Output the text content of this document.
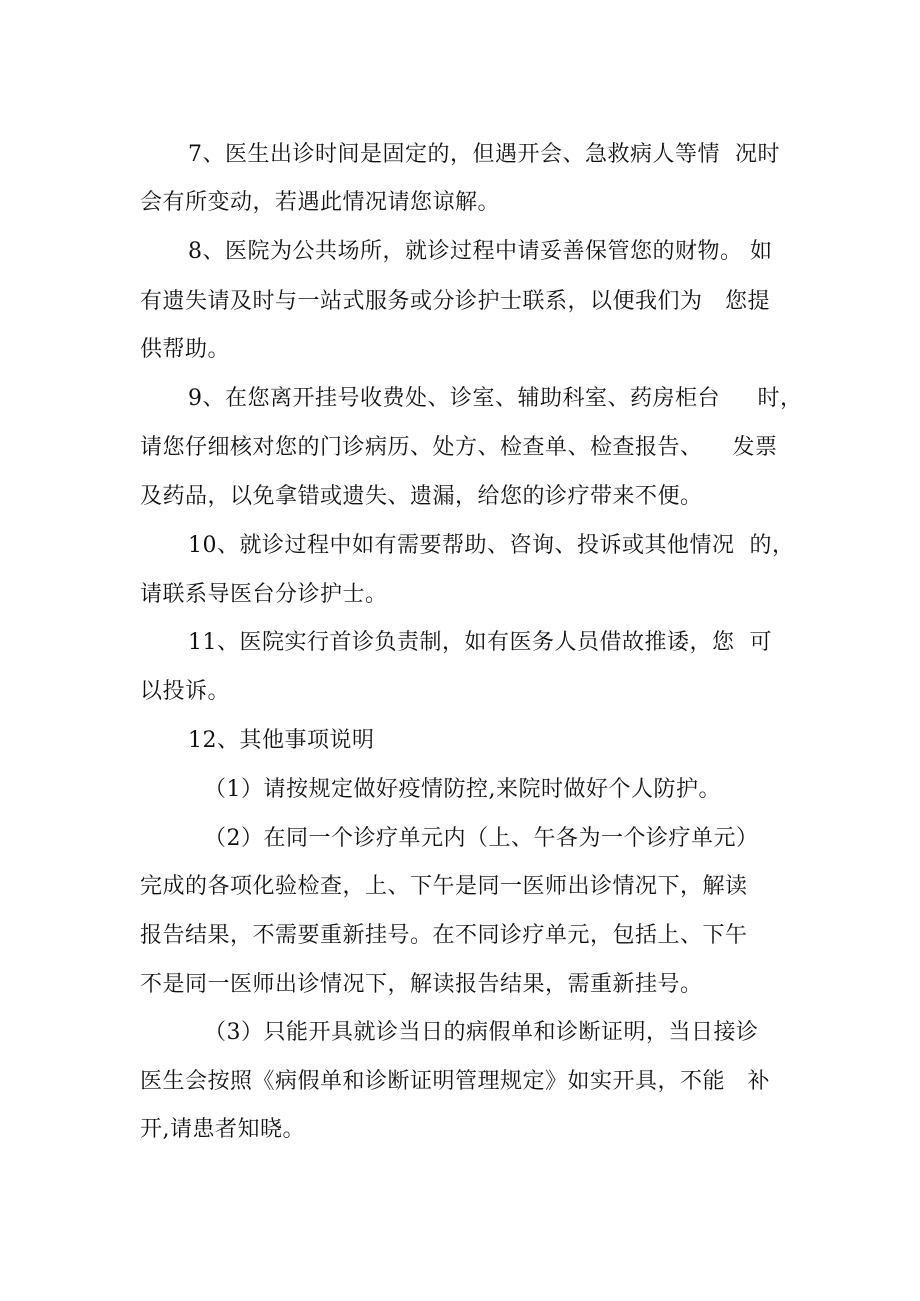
7、医生出诊时间是固定的，但遇开会、急救病人等情  况时
会有所变动，若遇此情况请您谅解。
8、医院为公共场所，就诊过程中请妥善保管您的财物。 如
有遗失请及时与一站式服务或分诊护士联系，以便我们为   您提
供帮助。
9、在您离开挂号收费处、诊室、辅助科室、药房柜台     时，
请您仔细核对您的门诊病历、处方、检查单、检查报告、    发票
及药品，以免拿错或遗失、遗漏，给您的诊疗带来不便。
10、就诊过程中如有需要帮助、咨询、投诉或其他情况  的，
请联系导医台分诊护士。
11、医院实行首诊负责制，如有医务人员借故推诿，您  可
以投诉。
12、其他事项说明
（1）请按规定做好疫情防控,来院时做好个人防护。
（2）在同一个诊疗单元内（上、午各为一个诊疗单元）
完成的各项化验检查，上、下午是同一医师出诊情况下，解读
报告结果，不需要重新挂号。在不同诊疗单元，包括上、下午
不是同一医师出诊情况下，解读报告结果，需重新挂号。
（3）只能开具就诊当日的病假单和诊断证明，当日接诊
医生会按照《病假单和诊断证明管理规定》如实开具，不能   补
开,请患者知晓。
